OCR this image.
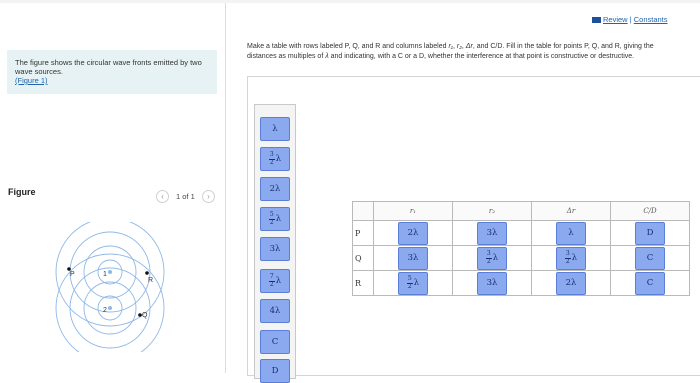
The figure shows the circular wave fronts emitted by two wave sources.
(Figure 1)
Figure	‹	1 of 1	›
1
2
P
R
Q
Review | Constants
Make a table with rows labeled P, Q, and R and columns labeled r₁, r₂, Δr, and C/D. Fill in the table for points P, Q, and R, giving the distances as multiples of λ and indicating, with a C or a D, whether the interference at that point is constructive or destructive.
λ
$\frac{3}{2}$ λ
2 λ
$\frac{5}{2}$ λ
3 λ
$\frac{7}{2}$ λ
4 λ
C
D
	r₁	r₂	Δr	C/D
P	2 λ	3 λ	λ	D

Q	3 λ	$\frac{3}{2}$ λ	$\frac{3}{2}$ λ	C

R	$\frac{5}{2}$ λ	3 λ	2 λ	C
